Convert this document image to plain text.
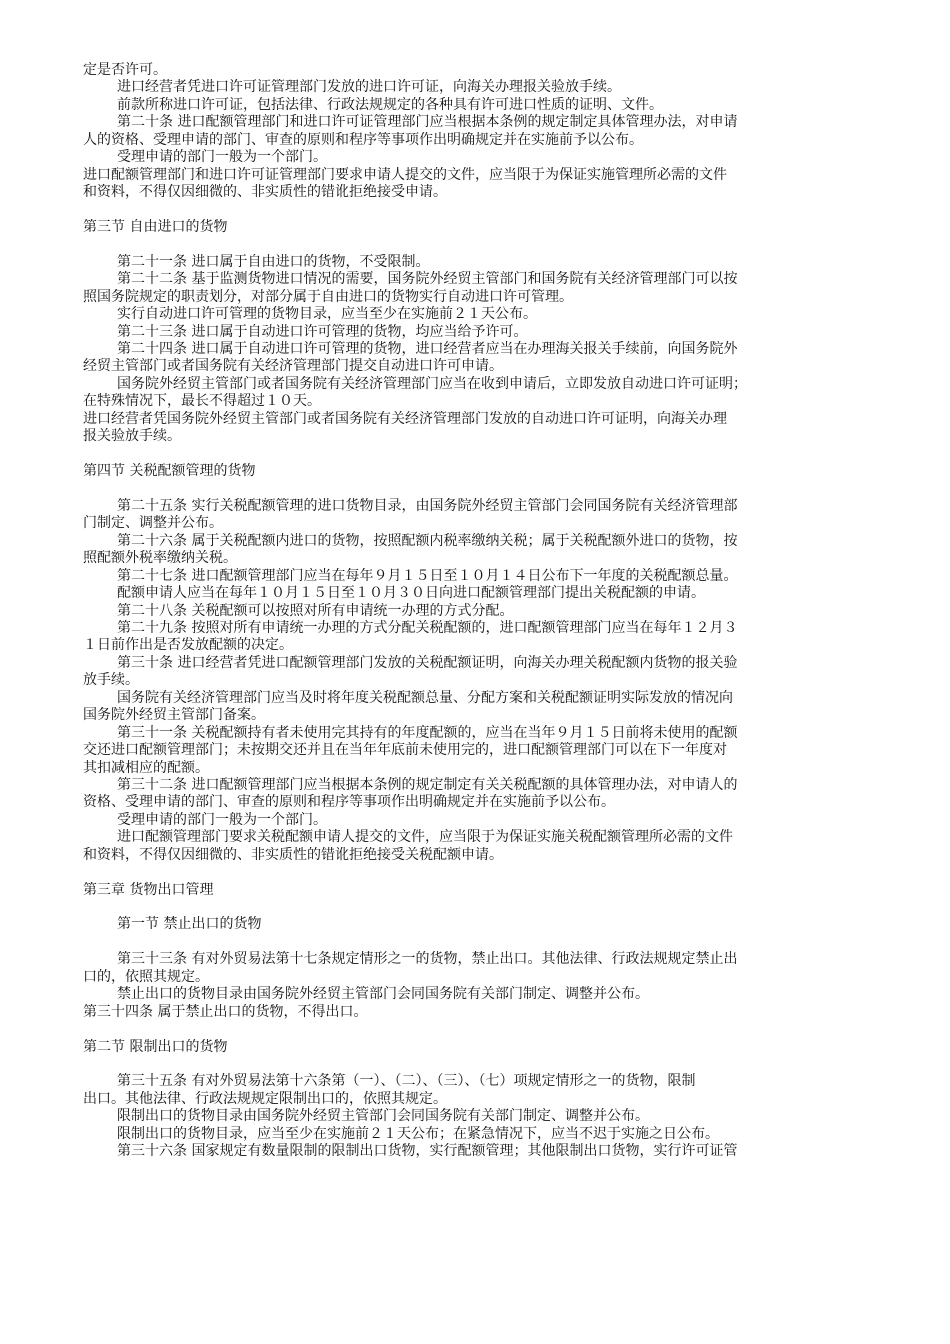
定是否许可。
进口经营者凭进口许可证管理部门发放的进口许可证，向海关办理报关验放手续。
前款所称进口许可证，包括法律、行政法规规定的各种具有许可进口性质的证明、文件。
第二十条 进口配额管理部门和进口许可证管理部门应当根据本条例的规定制定具体管理办法，对申请
人的资格、受理申请的部门、审查的原则和程序等事项作出明确规定并在实施前予以公布。
受理申请的部门一般为一个部门。
进口配额管理部门和进口许可证管理部门要求申请人提交的文件，应当限于为保证实施管理所必需的文件
和资料，不得仅因细微的、非实质性的错讹拒绝接受申请。
第三节 自由进口的货物
第二十一条 进口属于自由进口的货物，不受限制。
第二十二条 基于监测货物进口情况的需要，国务院外经贸主管部门和国务院有关经济管理部门可以按
照国务院规定的职责划分，对部分属于自由进口的货物实行自动进口许可管理。
实行自动进口许可管理的货物目录，应当至少在实施前２１天公布。
第二十三条 进口属于自动进口许可管理的货物，均应当给予许可。
第二十四条 进口属于自动进口许可管理的货物，进口经营者应当在办理海关报关手续前，向国务院外
经贸主管部门或者国务院有关经济管理部门提交自动进口许可申请。
国务院外经贸主管部门或者国务院有关经济管理部门应当在收到申请后，立即发放自动进口许可证明；
在特殊情况下，最长不得超过１０天。
进口经营者凭国务院外经贸主管部门或者国务院有关经济管理部门发放的自动进口许可证明，向海关办理
报关验放手续。
第四节 关税配额管理的货物
第二十五条 实行关税配额管理的进口货物目录，由国务院外经贸主管部门会同国务院有关经济管理部
门制定、调整并公布。
第二十六条 属于关税配额内进口的货物，按照配额内税率缴纳关税；属于关税配额外进口的货物，按
照配额外税率缴纳关税。
第二十七条 进口配额管理部门应当在每年９月１５日至１０月１４日公布下一年度的关税配额总量。
配额申请人应当在每年１０月１５日至１０月３０日向进口配额管理部门提出关税配额的申请。
第二十八条 关税配额可以按照对所有申请统一办理的方式分配。
第二十九条 按照对所有申请统一办理的方式分配关税配额的，进口配额管理部门应当在每年１２月３
１日前作出是否发放配额的决定。
第三十条 进口经营者凭进口配额管理部门发放的关税配额证明，向海关办理关税配额内货物的报关验
放手续。
国务院有关经济管理部门应当及时将年度关税配额总量、分配方案和关税配额证明实际发放的情况向
国务院外经贸主管部门备案。
第三十一条 关税配额持有者未使用完其持有的年度配额的，应当在当年９月１５日前将未使用的配额
交还进口配额管理部门；未按期交还并且在当年年底前未使用完的，进口配额管理部门可以在下一年度对
其扣减相应的配额。
第三十二条 进口配额管理部门应当根据本条例的规定制定有关关税配额的具体管理办法，对申请人的
资格、受理申请的部门、审查的原则和程序等事项作出明确规定并在实施前予以公布。
受理申请的部门一般为一个部门。
进口配额管理部门要求关税配额申请人提交的文件，应当限于为保证实施关税配额管理所必需的文件
和资料，不得仅因细微的、非实质性的错讹拒绝接受关税配额申请。
第三章 货物出口管理
第一节 禁止出口的货物
第三十三条 有对外贸易法第十七条规定情形之一的货物，禁止出口。其他法律、行政法规规定禁止出
口的，依照其规定。
禁止出口的货物目录由国务院外经贸主管部门会同国务院有关部门制定、调整并公布。
第三十四条 属于禁止出口的货物，不得出口。
第二节 限制出口的货物
第三十五条 有对外贸易法第十六条第（一）、（二）、（三）、（七）项规定情形之一的货物，限制
出口。其他法律、行政法规规定限制出口的，依照其规定。
限制出口的货物目录由国务院外经贸主管部门会同国务院有关部门制定、调整并公布。
限制出口的货物目录，应当至少在实施前２１天公布；在紧急情况下，应当不迟于实施之日公布。
第三十六条 国家规定有数量限制的限制出口货物，实行配额管理；其他限制出口货物，实行许可证管
